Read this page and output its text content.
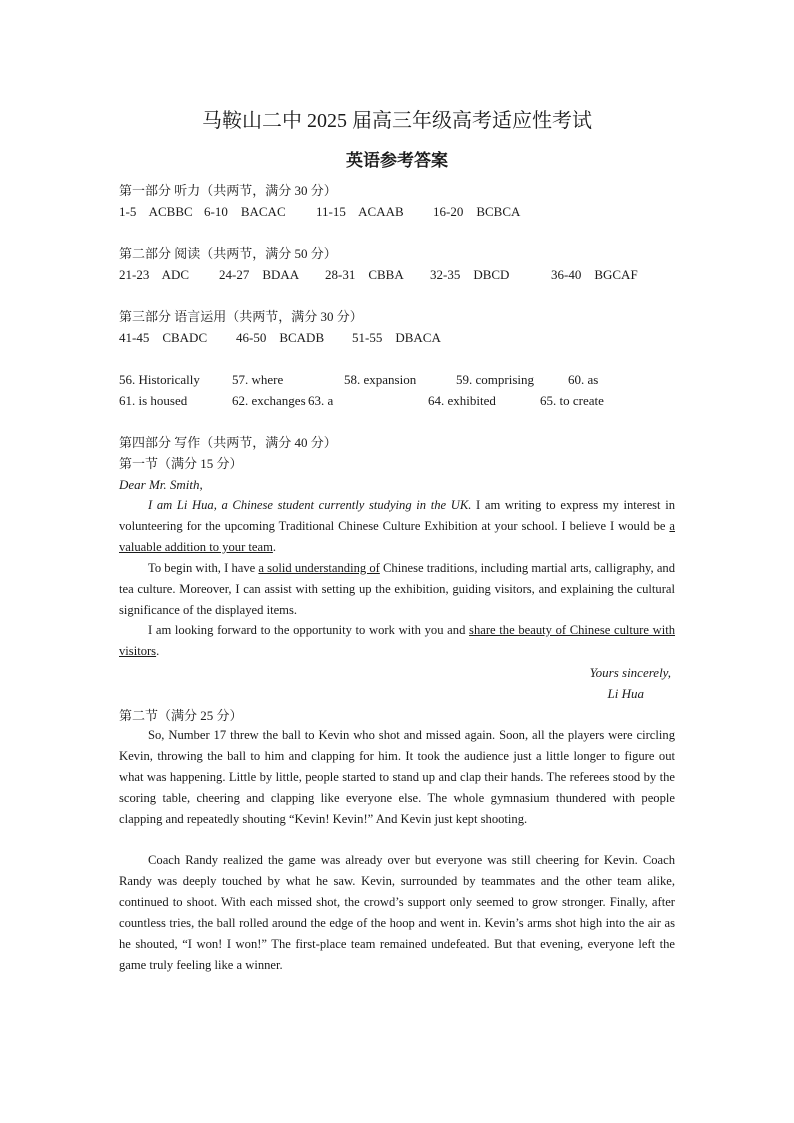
马鞍山二中 2025 届高三年级高考适应性考试
英语参考答案
第一部分 听力（共两节，满分 30 分）
1-5    ACBBC 6-10    BACAC 11-15    ACAAB 16-20    BCBCA
第二部分 阅读（共两节，满分 50 分）
21-23    ADC 24-27    BDAA 28-31    CBBA 32-35    DBCD	36-40    BGCAF
第三部分 语言运用（共两节，满分 30 分）
41-45    CBADC 46-50    BCADB 51-55    DBACA
56. Historically 57. where	58. expansion	59. comprising	60. as
61. is housed	62. exchanges 63. a	64. exhibited	65. to create
第四部分 写作（共两节，满分 40 分）
第一节（满分 15 分）
Dear Mr. Smith,
I am Li Hua, a Chinese student currently studying in the UK. I am writing to express my interest in volunteering for the upcoming Traditional Chinese Culture Exhibition at your school. I believe I would be a valuable addition to your team.
To begin with, I have a solid understanding of Chinese traditions, including martial arts, calligraphy, and tea culture. Moreover, I can assist with setting up the exhibition, guiding visitors, and explaining the cultural significance of the displayed items.
I am looking forward to the opportunity to work with you and share the beauty of Chinese culture with visitors.
Yours sincerely,
Li Hua
第二节（满分 25 分）
So, Number 17 threw the ball to Kevin who shot and missed again. Soon, all the players were circling Kevin, throwing the ball to him and clapping for him. It took the audience just a little longer to figure out what was happening. Little by little, people started to stand up and clap their hands. The referees stood by the scoring table, cheering and clapping like everyone else. The whole gymnasium thundered with people clapping and repeatedly shouting “Kevin! Kevin!” And Kevin just kept shooting.
Coach Randy realized the game was already over but everyone was still cheering for Kevin. Coach Randy was deeply touched by what he saw. Kevin, surrounded by teammates and the other team alike, continued to shoot. With each missed shot, the crowd’s support only seemed to grow stronger. Finally, after countless tries, the ball rolled around the edge of the hoop and went in. Kevin’s arms shot high into the air as he shouted, “I won! I won!” The first-place team remained undefeated. But that evening, everyone left the game truly feeling like a winner.
